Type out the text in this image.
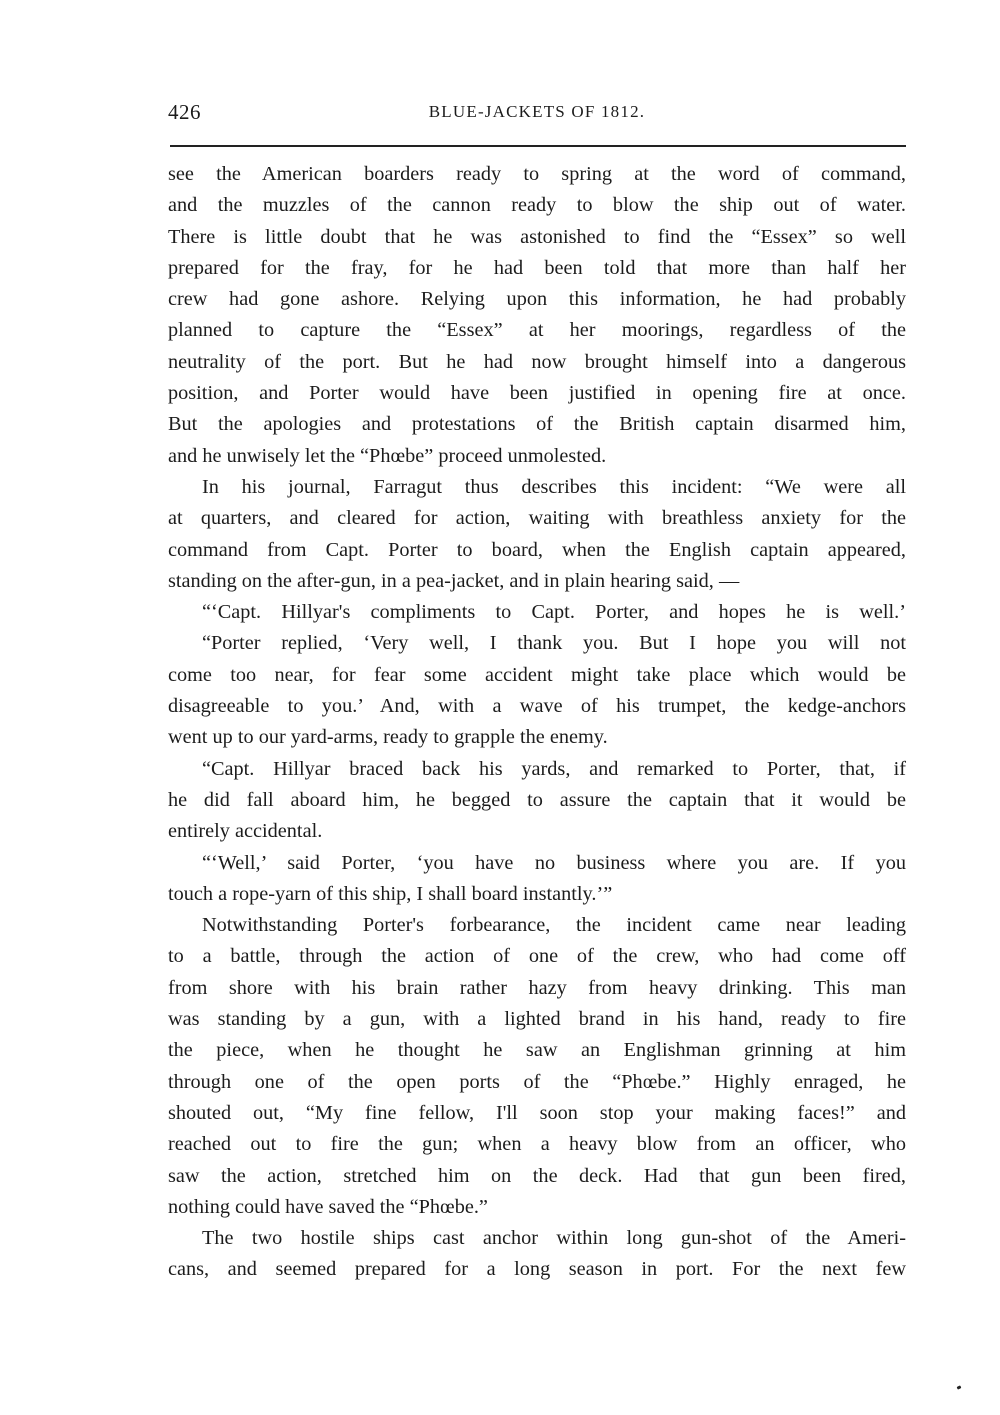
426	BLUE-JACKETS OF 1812.
see the American boarders ready to spring at the word of command,
and the muzzles of the cannon ready to blow the ship out of water.
There is little doubt that he was astonished to find the “Essex” so well
prepared for the fray, for he had been told that more than half her
crew had gone ashore. Relying upon this information, he had probably
planned to capture the “Essex” at her moorings, regardless of the
neutrality of the port. But he had now brought himself into a dangerous
position, and Porter would have been justified in opening fire at once.
But the apologies and protestations of the British captain disarmed him,
and he unwisely let the “Phœbe” proceed unmolested.
In his journal, Farragut thus describes this incident: “We were all
at quarters, and cleared for action, waiting with breathless anxiety for the
command from Capt. Porter to board, when the English captain appeared,
standing on the after-gun, in a pea-jacket, and in plain hearing said, —
“‘Capt. Hillyar's compliments to Capt. Porter, and hopes he is well.’
“Porter replied, ‘Very well, I thank you. But I hope you will not
come too near, for fear some accident might take place which would be
disagreeable to you.’ And, with a wave of his trumpet, the kedge-anchors
went up to our yard-arms, ready to grapple the enemy.
“Capt. Hillyar braced back his yards, and remarked to Porter, that, if
he did fall aboard him, he begged to assure the captain that it would be
entirely accidental.
“‘Well,’ said Porter, ‘you have no business where you are. If you
touch a rope-yarn of this ship, I shall board instantly.’”
Notwithstanding Porter's forbearance, the incident came near leading
to a battle, through the action of one of the crew, who had come off
from shore with his brain rather hazy from heavy drinking. This man
was standing by a gun, with a lighted brand in his hand, ready to fire
the piece, when he thought he saw an Englishman grinning at him
through one of the open ports of the “Phœbe.” Highly enraged, he
shouted out, “My fine fellow, I'll soon stop your making faces!” and
reached out to fire the gun; when a heavy blow from an officer, who
saw the action, stretched him on the deck. Had that gun been fired,
nothing could have saved the “Phœbe.”
The two hostile ships cast anchor within long gun-shot of the Ameri-
cans, and seemed prepared for a long season in port. For the next few
